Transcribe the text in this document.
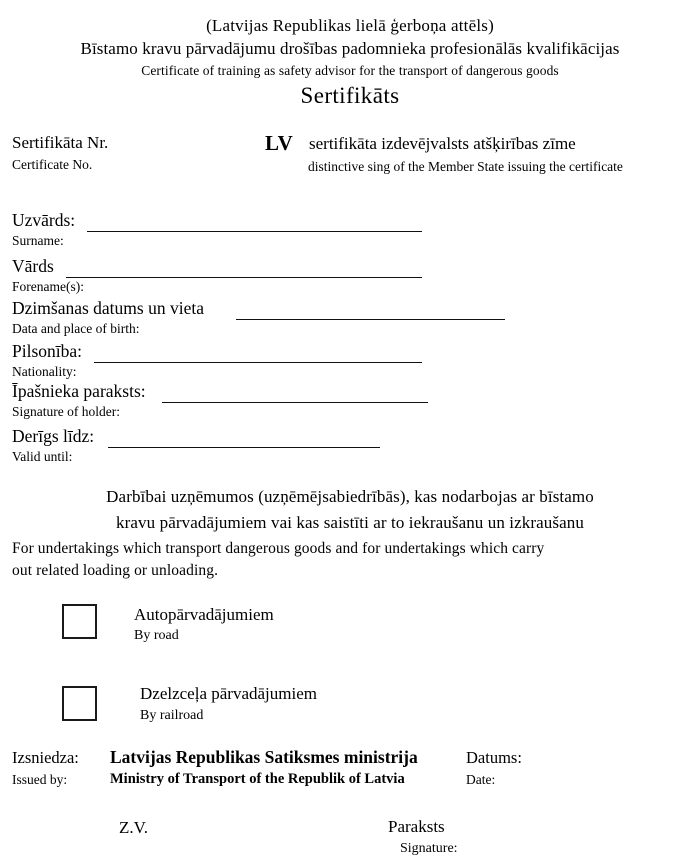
(Latvijas Republikas lielā ģerboņa attēls)
Bīstamo kravu pārvadājumu drošības padomnieka profesionālās kvalifikācijas
Certificate of training as safety advisor for the transport of dangerous goods
Sertifikāts
Sertifikāta Nr.
Certificate No.
LV sertifikāta izdevējvalsts atšķirības zīme
distinctive sing of the Member State issuing the certificate
Uzvārds:
Surname:
Vārds
Forename(s):
Dzimšanas datums un vieta
Data and place of birth:
Pilsonība:
Nationality:
Īpašnieka paraksts:
Signature of holder:
Derīgs līdz:
Valid until:
Darbībai uzņēmumos (uzņēmējsabiedrībās), kas nodarbojas ar bīstamo
kravu pārvadājumiem vai kas saistīti ar to iekraušanu un izkraušanu
For undertakings which transport dangerous goods and for undertakings which carry
out related loading or unloading.
Autopārvadājumiem
By road
Dzelzceļa pārvadājumiem
By railroad
Izsniedza:
Issued by:
Latvijas Republikas Satiksmes ministrija
Ministry of Transport of the Republik of Latvia
Datums:
Date:
Z.V.	Paraksts
Signature:
